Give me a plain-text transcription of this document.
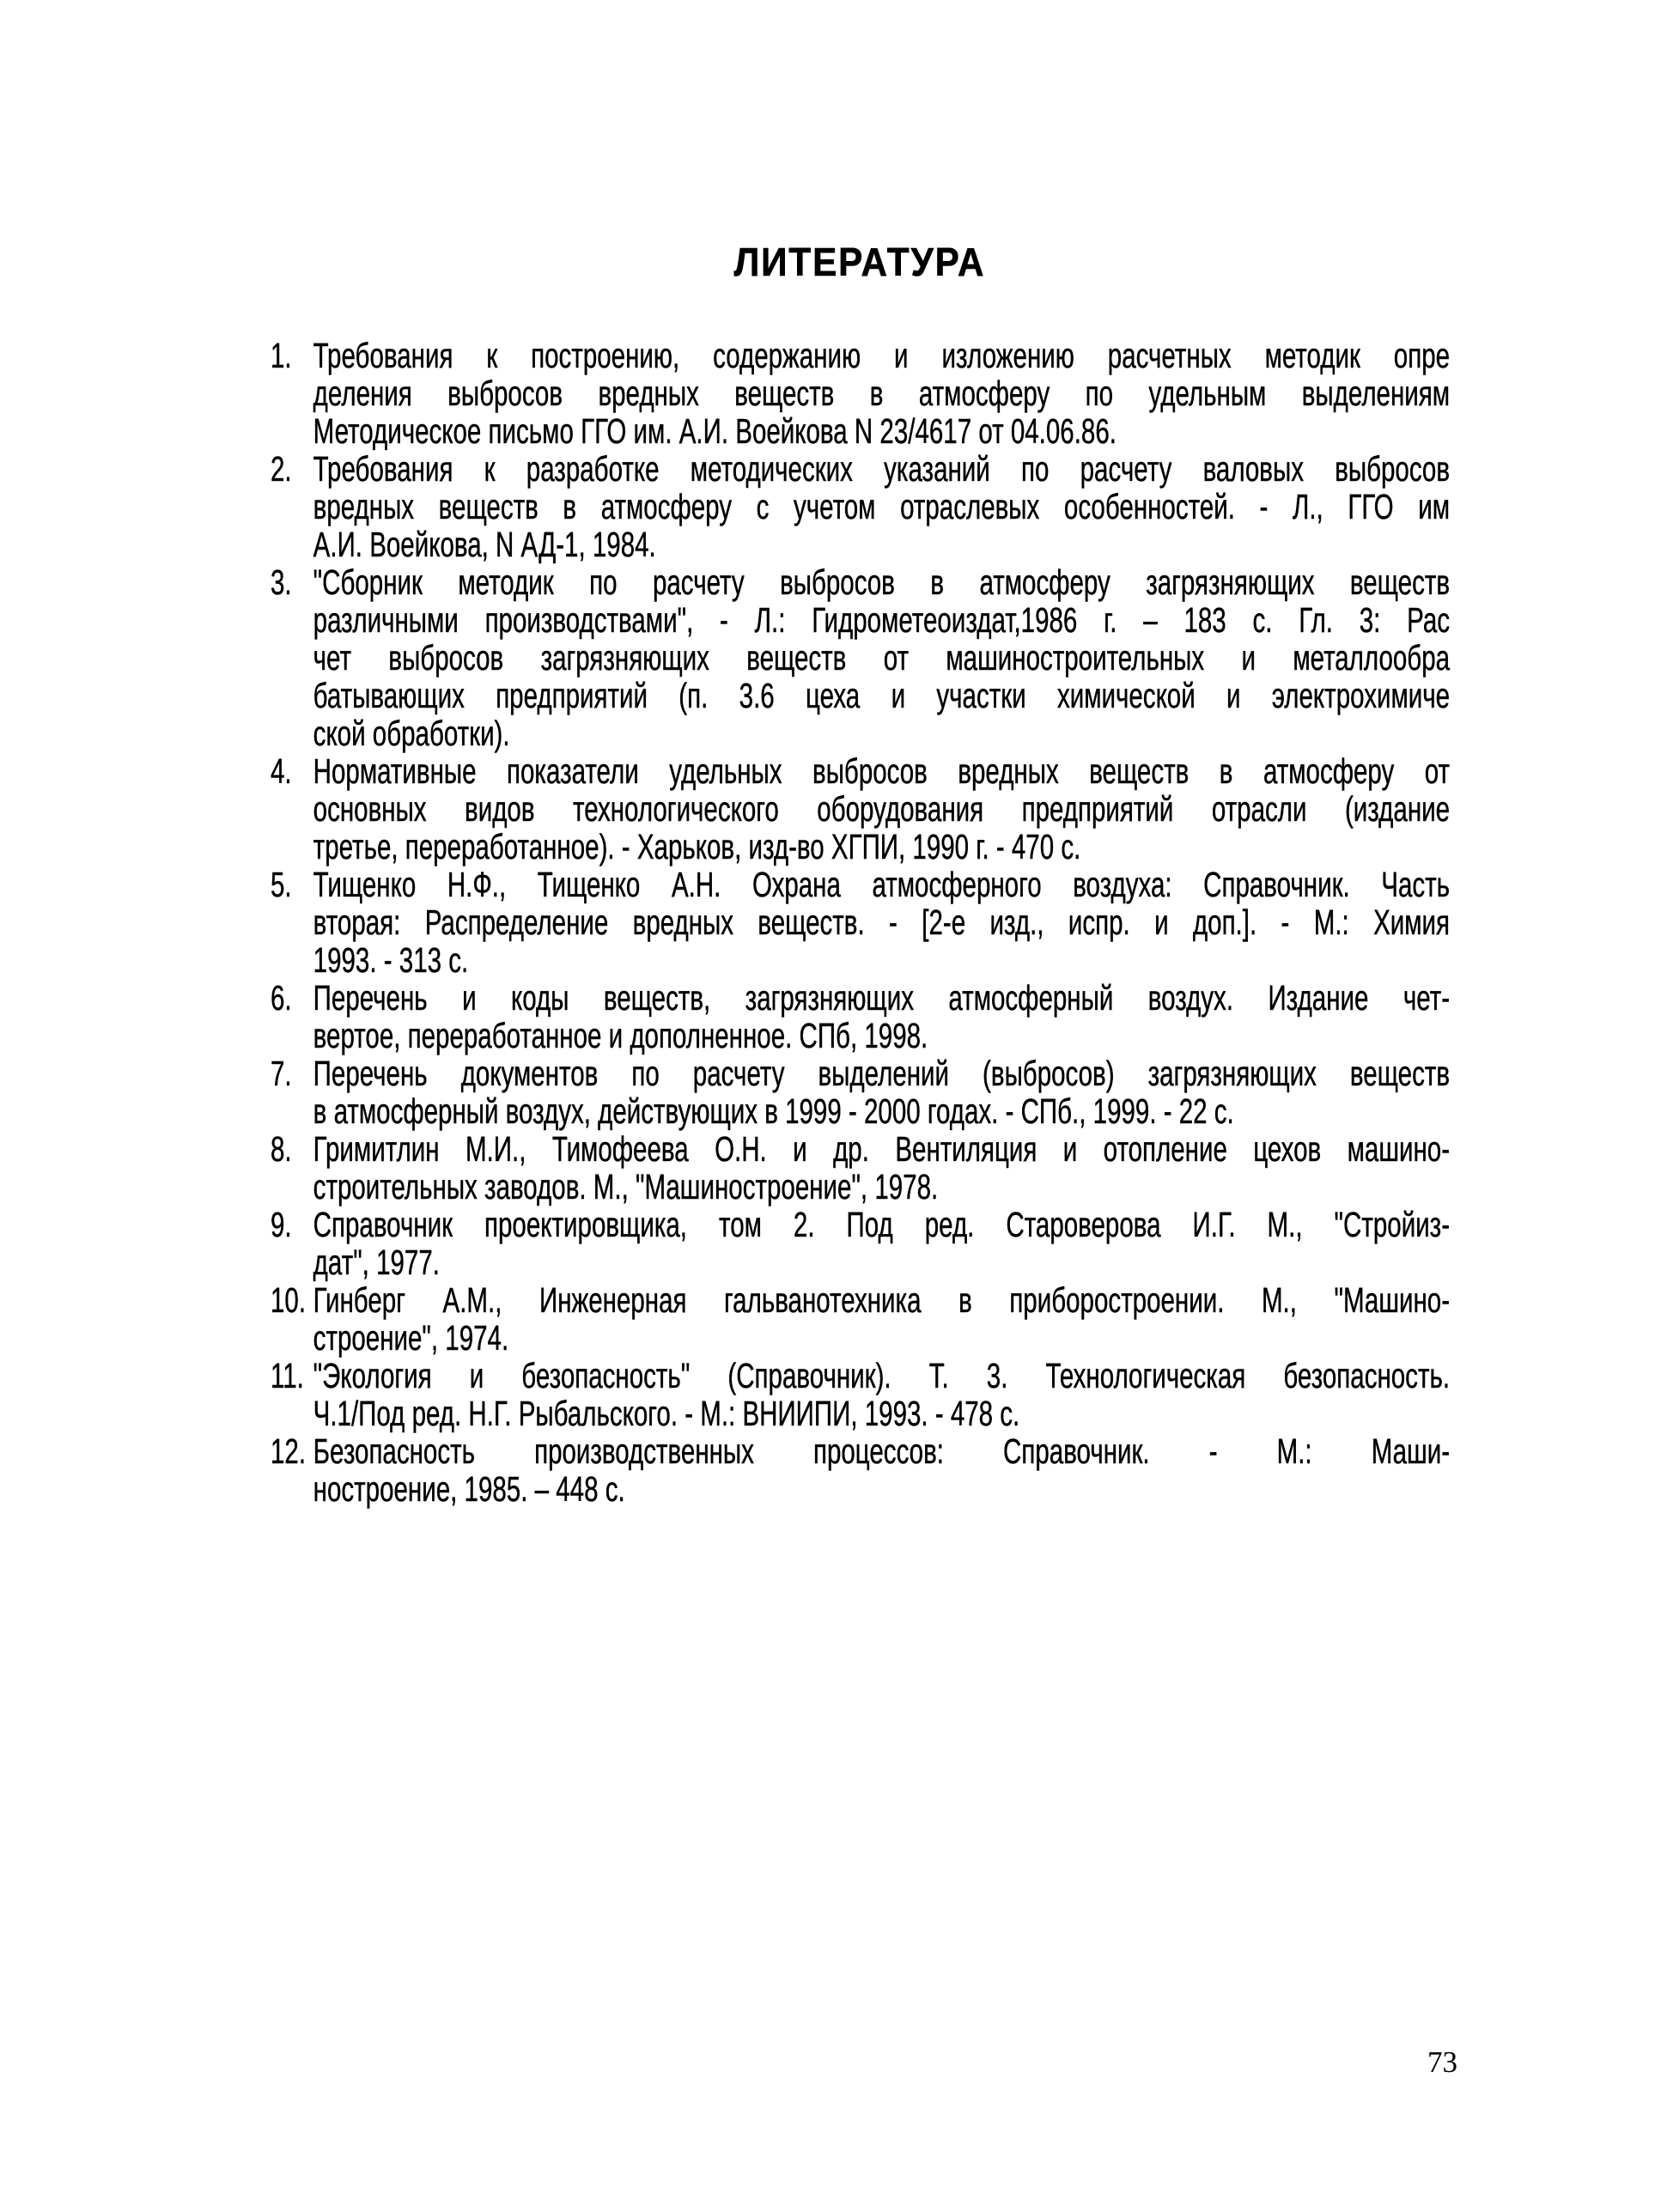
ЛИТЕРАТУРА
1. Требования к построению, содержанию и изложению расчетных методик опре
деления выбросов вредных веществ в атмосферу по удельным выделениям
Методическое письмо ГГО им. А.И. Воейкова N 23/4617 от 04.06.86.
2. Требования к разработке методических указаний по расчету валовых выбросов
вредных веществ в атмосферу с учетом отраслевых особенностей. - Л., ГГО им
А.И. Воейкова, N АД-1, 1984.
3. "Сборник методик по расчету выбросов в атмосферу загрязняющих веществ
различными производствами", - Л.: Гидрометеоиздат,1986 г. – 183 с. Гл. 3: Рас
чет выбросов загрязняющих веществ от машиностроительных и металлообра
батывающих предприятий (п. 3.6 цеха и участки химической и электрохимиче
ской обработки).
4. Нормативные показатели удельных выбросов вредных веществ в атмосферу от
основных видов технологического оборудования предприятий отрасли (издание
третье, переработанное). - Харьков, изд-во ХГПИ, 1990 г. - 470 с.
5. Тищенко Н.Ф., Тищенко А.Н. Охрана атмосферного воздуха: Справочник. Часть
вторая: Распределение вредных веществ. - [2-е изд., испр. и доп.]. - М.: Химия
1993. - 313 с.
6. Перечень и коды веществ, загрязняющих атмосферный воздух. Издание чет-
вертое, переработанное и дополненное. СПб, 1998.
7. Перечень документов по расчету выделений (выбросов) загрязняющих веществ
в атмосферный воздух, действующих в 1999 - 2000 годах. - СПб., 1999. - 22 с.
8. Гримитлин М.И., Тимофеева О.Н. и др. Вентиляция и отопление цехов машино-
строительных заводов. М., "Машиностроение", 1978.
9. Справочник проектировщика, том 2. Под ред. Староверова И.Г. М., "Стройиз-
дат", 1977.
10. Гинберг А.М., Инженерная гальванотехника в приборостроении. М., "Машино-
строение", 1974.
11. "Экология и безопасность" (Справочник). Т. 3. Технологическая безопасность.
Ч.1/Под ред. Н.Г. Рыбальского. - М.: ВНИИПИ, 1993. - 478 с.
12. Безопасность производственных процессов: Справочник. - М.: Маши-
ностроение, 1985. – 448 с.
73
